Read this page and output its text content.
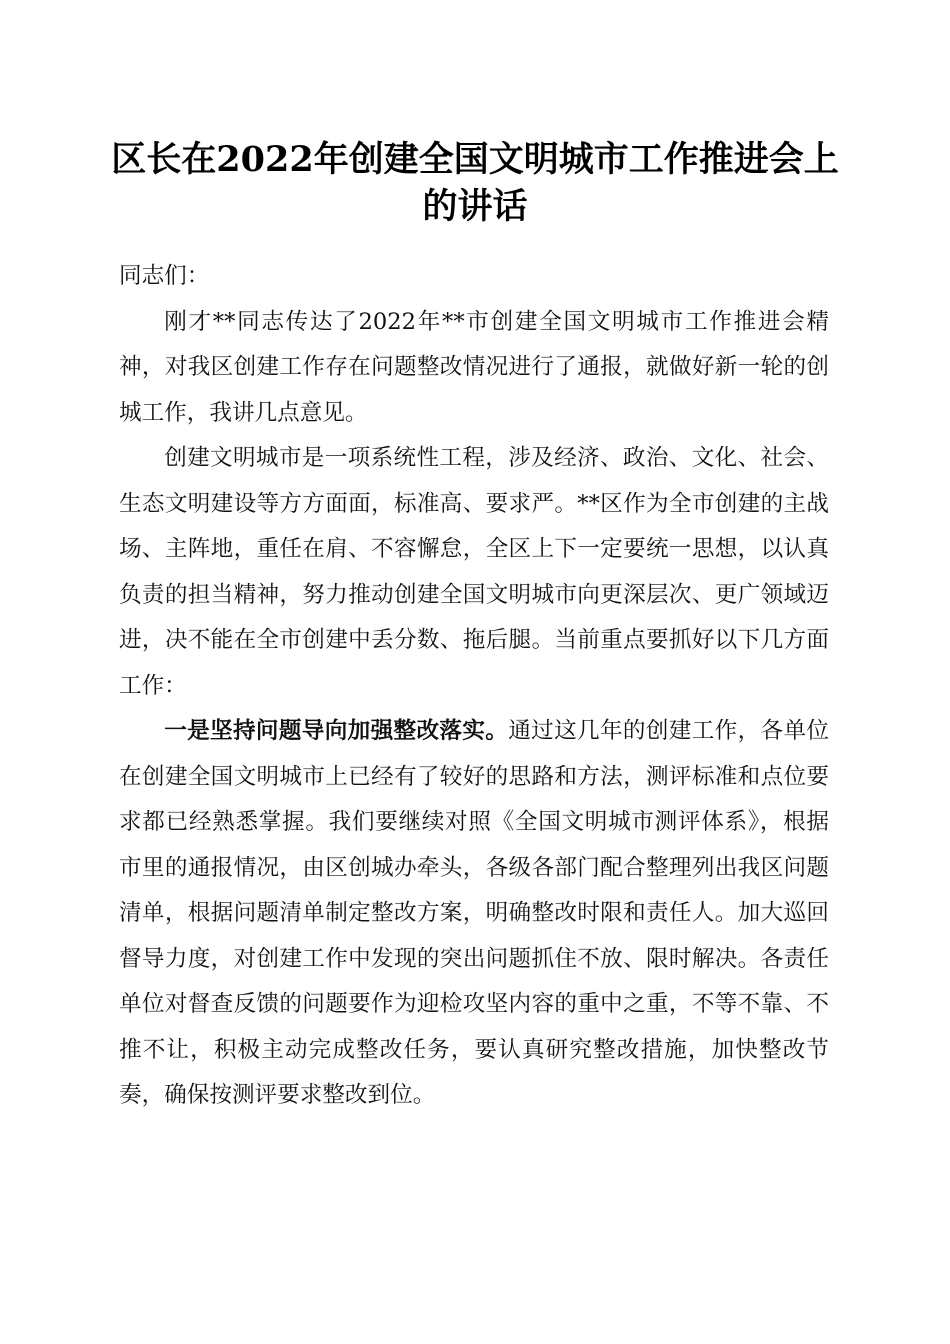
区长在2022年创建全国文明城市工作推进会上的讲话

同志们：

刚才**同志传达了2022年**市创建全国文明城市工作推进会精神，对我区创建工作存在问题整改情况进行了通报，就做好新一轮的创城工作，我讲几点意见。

创建文明城市是一项系统性工程，涉及经济、政治、文化、社会、生态文明建设等方方面面，标准高、要求严。**区作为全市创建的主战场、主阵地，重任在肩、不容懈怠，全区上下一定要统一思想，以认真负责的担当精神，努力推动创建全国文明城市向更深层次、更广领域迈进，决不能在全市创建中丢分数、拖后腿。当前重点要抓好以下几方面工作：

一是坚持问题导向加强整改落实。通过这几年的创建工作，各单位在创建全国文明城市上已经有了较好的思路和方法，测评标准和点位要求都已经熟悉掌握。我们要继续对照《全国文明城市测评体系》，根据市里的通报情况，由区创城办牵头，各级各部门配合整理列出我区问题清单，根据问题清单制定整改方案，明确整改时限和责任人。加大巡回督导力度，对创建工作中发现的突出问题抓住不放、限时解决。各责任单位对督查反馈的问题要作为迎检攻坚内容的重中之重，不等不靠、不推不让，积极主动完成整改任务，要认真研究整改措施，加快整改节奏，确保按测评要求整改到位。
